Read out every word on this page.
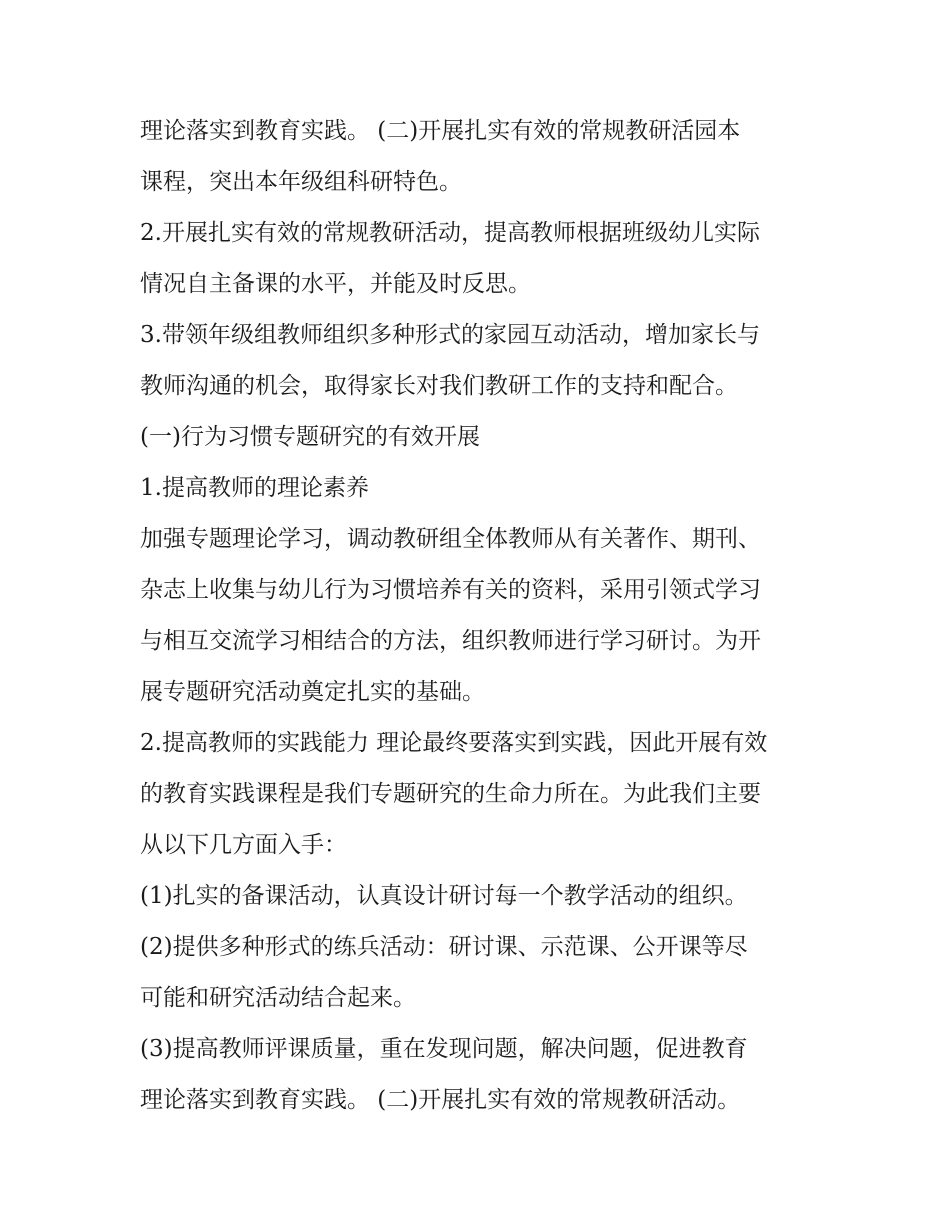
理论落实到教育实践。 (二)开展扎实有效的常规教研活园本

课程，突出本年级组科研特色。

2.开展扎实有效的常规教研活动，提高教师根据班级幼儿实际

情况自主备课的水平，并能及时反思。

3.带领年级组教师组织多种形式的家园互动活动，增加家长与

教师沟通的机会，取得家长对我们教研工作的支持和配合。

(一)行为习惯专题研究的有效开展

1.提高教师的理论素养

加强专题理论学习，调动教研组全体教师从有关著作、期刊、

杂志上收集与幼儿行为习惯培养有关的资料，采用引领式学习

与相互交流学习相结合的方法，组织教师进行学习研讨。为开

展专题研究活动奠定扎实的基础。

2.提高教师的实践能力 理论最终要落实到实践，因此开展有效

的教育实践课程是我们专题研究的生命力所在。为此我们主要

从以下几方面入手：

(1)扎实的备课活动，认真设计研讨每一个教学活动的组织。

(2)提供多种形式的练兵活动：研讨课、示范课、公开课等尽

可能和研究活动结合起来。

(3)提高教师评课质量，重在发现问题，解决问题，促进教育

理论落实到教育实践。 (二)开展扎实有效的常规教研活动。
